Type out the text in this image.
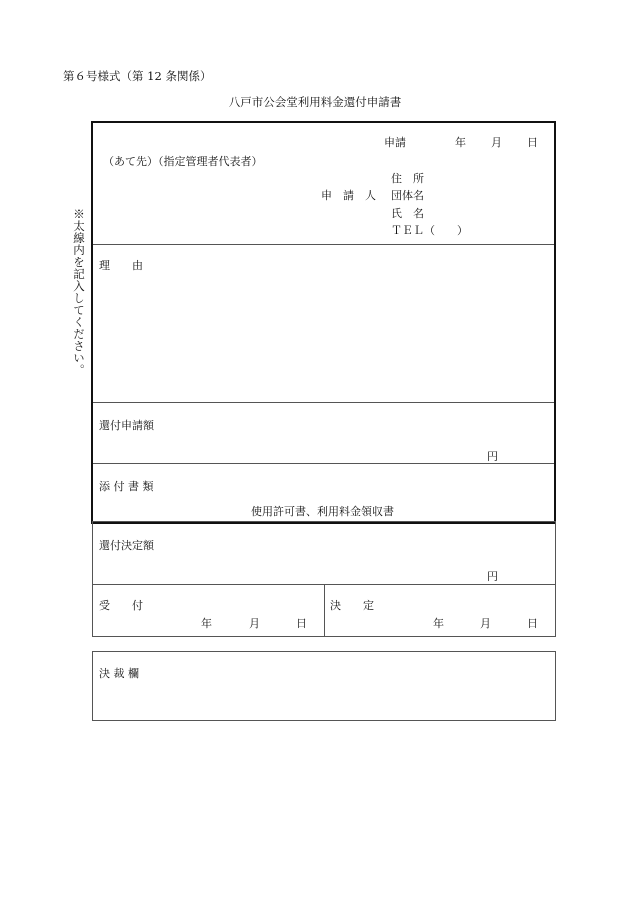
第６号様式（第 12 条関係）
八戸市公会堂利用料金還付申請書
※太線内を記入してください。
申請	年 月 日
（あて先）（指定管理者代表者）
申　請　人
住　所
団体名
氏　名
ＴＥＬ（　　）
理　　由
還付申請額
円
添 付 書 類
使用許可書、利用料金領収書
還付決定額
円
受　　付
年	月	日
決　　定
年	月	日
決 裁 欄
